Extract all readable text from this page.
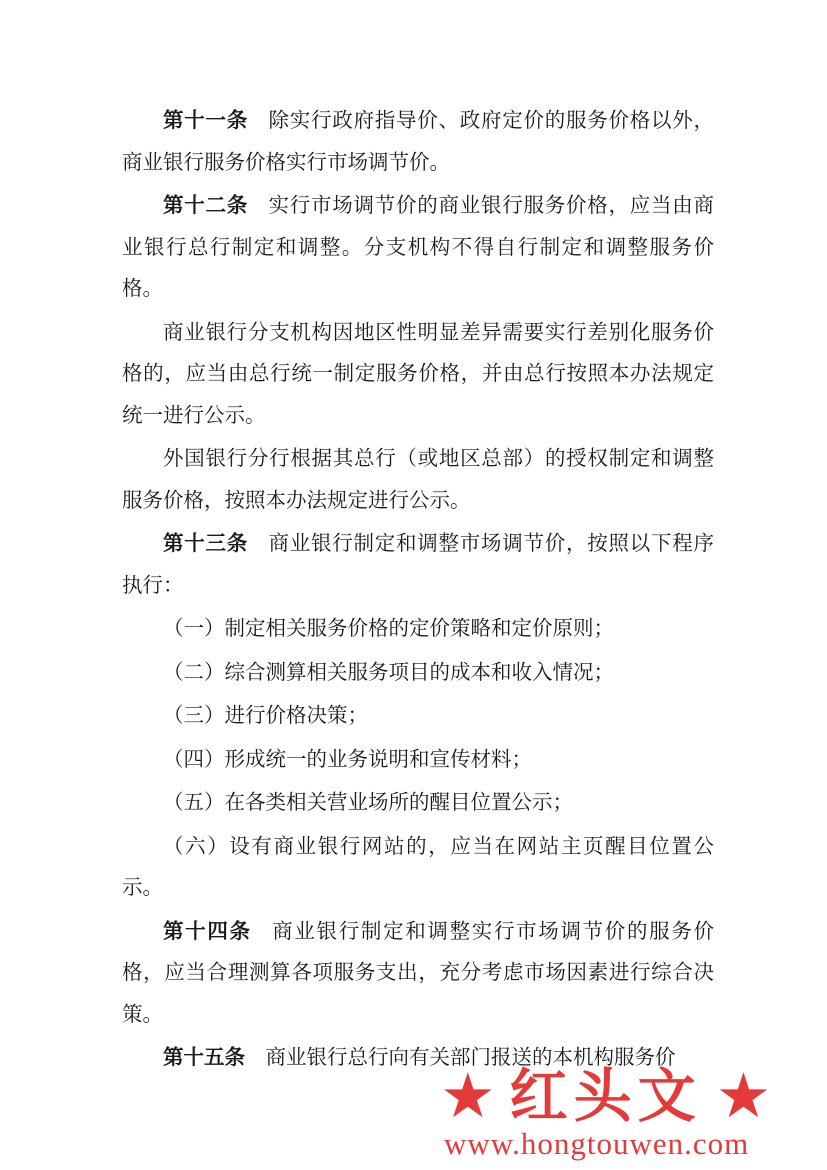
第十一条 除实行政府指导价、政府定价的服务价格以外，商业银行服务价格实行市场调节价。

第十二条 实行市场调节价的商业银行服务价格，应当由商业银行总行制定和调整。分支机构不得自行制定和调整服务价格。

商业银行分支机构因地区性明显差异需要实行差别化服务价格的，应当由总行统一制定服务价格，并由总行按照本办法规定统一进行公示。

外国银行分行根据其总行（或地区总部）的授权制定和调整服务价格，按照本办法规定进行公示。

第十三条 商业银行制定和调整市场调节价，按照以下程序执行：

（一）制定相关服务价格的定价策略和定价原则；

（二）综合测算相关服务项目的成本和收入情况；

（三）进行价格决策；

（四）形成统一的业务说明和宣传材料；

（五）在各类相关营业场所的醒目位置公示；

（六）设有商业银行网站的，应当在网站主页醒目位置公示。

第十四条 商业银行制定和调整实行市场调节价的服务价格，应当合理测算各项服务支出，充分考虑市场因素进行综合决策。

第十五条 商业银行总行向有关部门报送的本机构服务价

★ 红头文 ★
www.hongtouwen.com
